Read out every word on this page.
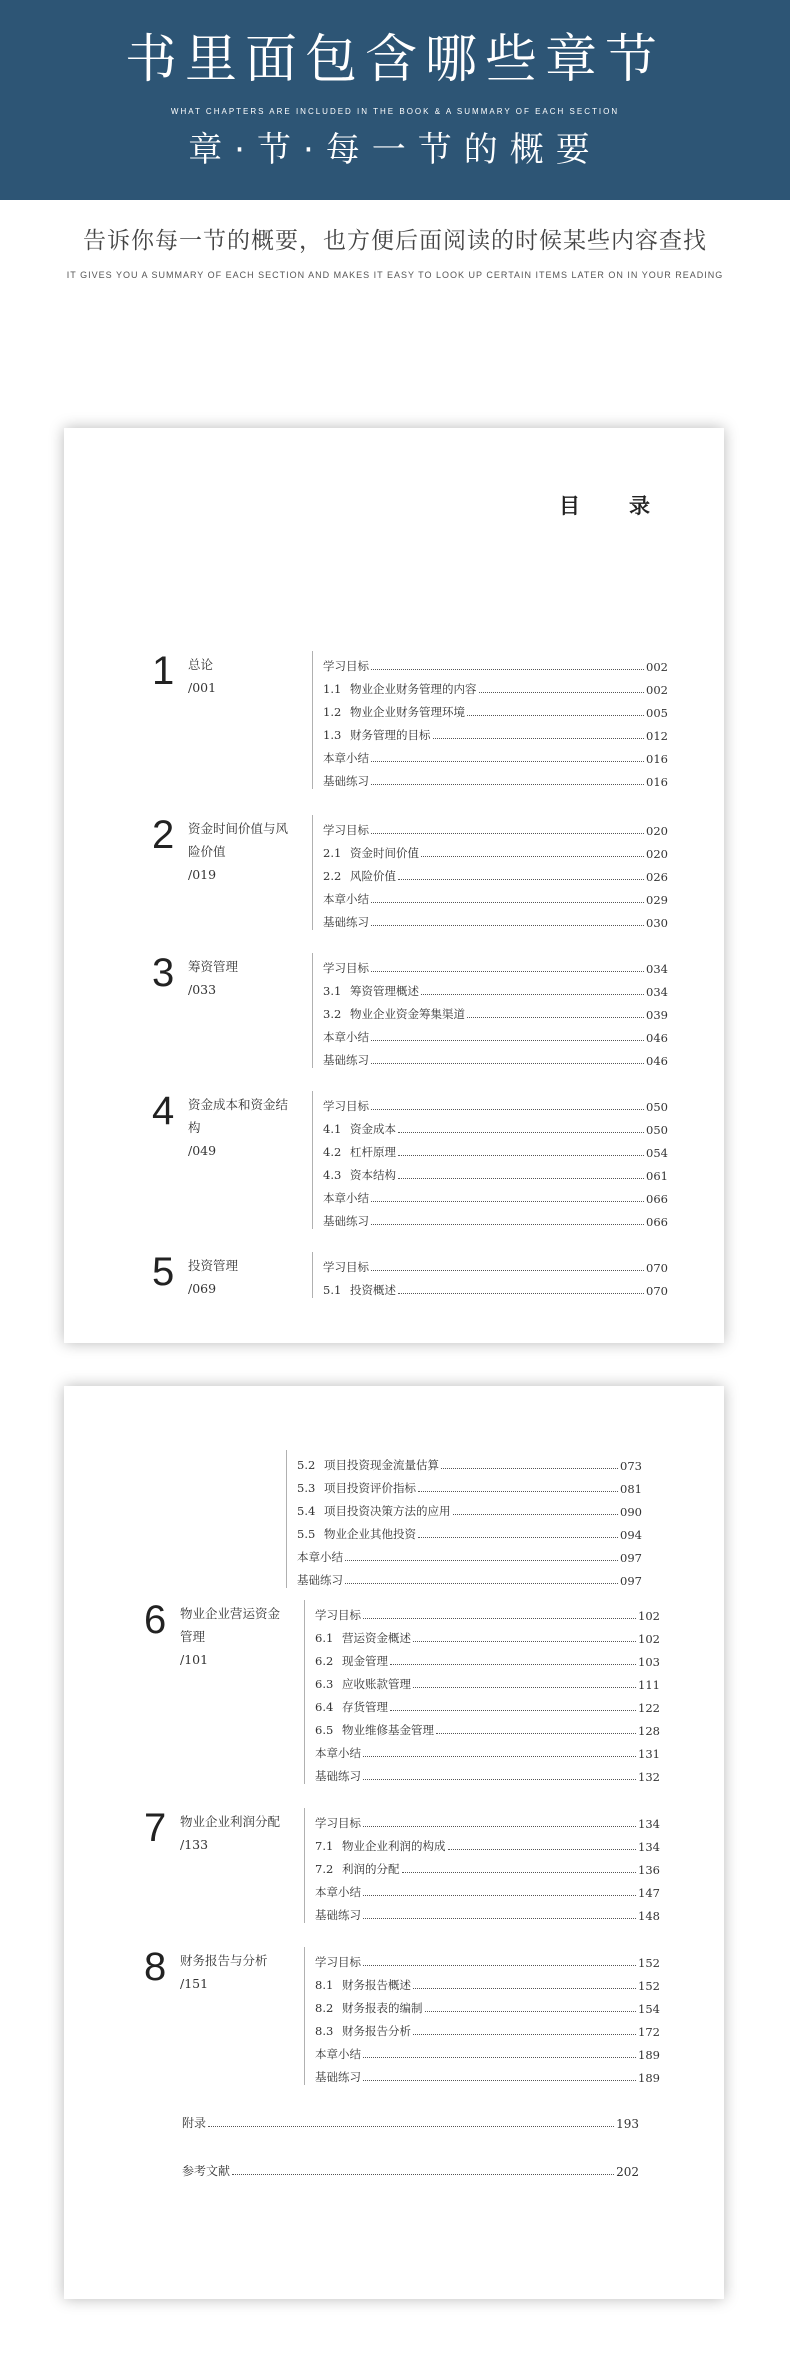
书里面包含哪些章节
WHAT CHAPTERS ARE INCLUDED IN THE BOOK & A SUMMARY OF EACH SECTION
章·节·每一节的概要
告诉你每一节的概要，也方便后面阅读的时候某些内容查找
IT GIVES YOU A SUMMARY OF EACH SECTION AND MAKES IT EASY TO LOOK UP CERTAIN ITEMS LATER ON IN YOUR READING
目　录
1 总论
/001
学习目标	002
1.1 物业企业财务管理的内容	002
1.2 物业企业财务管理环境	005
1.3 财务管理的目标	012
本章小结	016
基础练习	016
2 资金时间价值与风险价值
/019
学习目标	020
2.1 资金时间价值	020
2.2 风险价值	026
本章小结	029
基础练习	030
3 筹资管理
/033
学习目标	034
3.1 筹资管理概述	034
3.2 物业企业资金筹集渠道	039
本章小结	046
基础练习	046
4 资金成本和资金结构
/049
学习目标	050
4.1 资金成本	050
4.2 杠杆原理	054
4.3 资本结构	061
本章小结	066
基础练习	066
5 投资管理
/069
学习目标	070
5.1 投资概述	070
5.2 项目投资现金流量估算	073
5.3 项目投资评价指标	081
5.4 项目投资决策方法的应用	090
5.5 物业企业其他投资	094
本章小结	097
基础练习	097
6 物业企业营运资金管理
/101
学习目标	102
6.1 营运资金概述	102
6.2 现金管理	103
6.3 应收账款管理	111
6.4 存货管理	122
6.5 物业维修基金管理	128
本章小结	131
基础练习	132
7 物业企业利润分配
/133
学习目标	134
7.1 物业企业利润的构成	134
7.2 利润的分配	136
本章小结	147
基础练习	148
8 财务报告与分析
/151
学习目标	152
8.1 财务报告概述	152
8.2 财务报表的编制	154
8.3 财务报告分析	172
本章小结	189
基础练习	189
附录	193
参考文献	202
